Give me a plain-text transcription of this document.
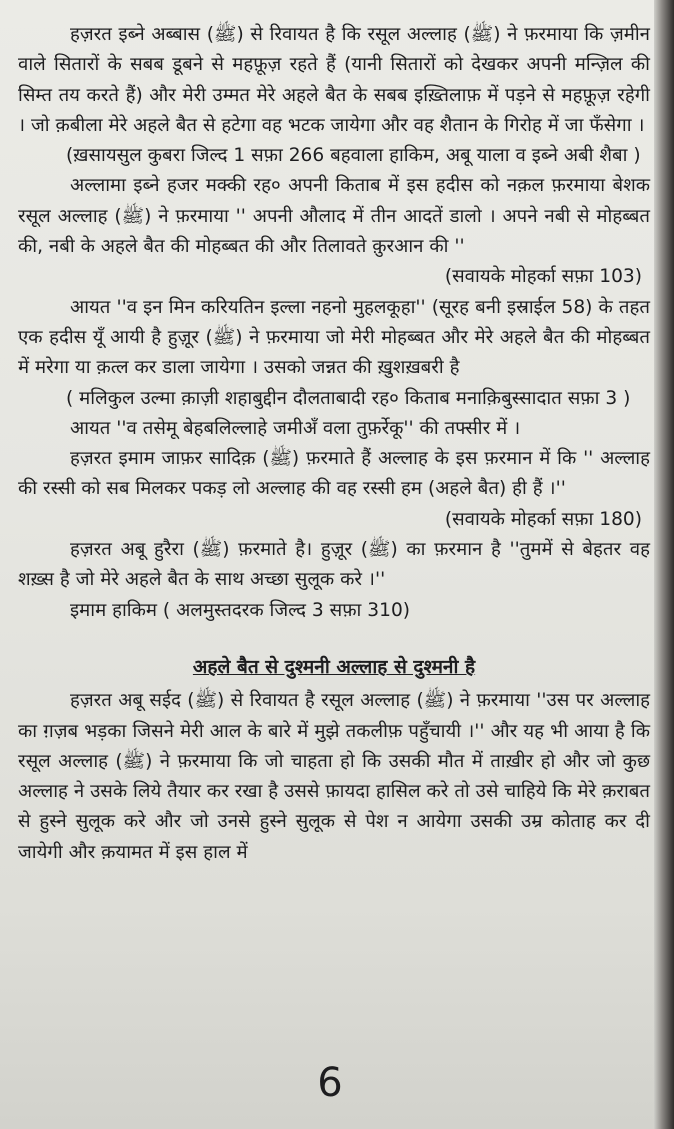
हज़रत इब्ने अब्बास (ﷺ) से रिवायत है कि रसूल अल्लाह (ﷺ) ने फ़रमाया कि ज़मीन वाले सितारों के सबब डूबने से महफ़ूज़ रहते हैं (यानी सितारों को देखकर अपनी मन्ज़िल की सिम्त तय करते हैं) और मेरी उम्मत मेरे अहले बैत के सबब इख़्तिलाफ़ में पड़ने से महफ़ूज़ रहेगी । जो क़बीला मेरे अहले बैत से हटेगा वह भटक जायेगा और वह शैतान के गिरोह में जा फँसेगा ।

(ख़सायसुल कुबरा जिल्द 1 सफ़ा 266 बहवाला हाकिम, अबू याला व इब्ने अबी शैबा )

अल्लामा इब्ने हजर मक्की रह० अपनी किताब में इस हदीस को नक़ल फ़रमाया बेशक रसूल अल्लाह (ﷺ) ने फ़रमाया '' अपनी औलाद में तीन आदतें डालो । अपने नबी से मोहब्बत की, नबी के अहले बैत की मोहब्बत की और तिलावते क़ुरआन की ''

(सवायके मोहर्का सफ़ा 103)

आयत ''व इन मिन करियतिन इल्ला नहनो मुहलकूहा'' (सूरह बनी इस्राईल 58) के तहत एक हदीस यूँ आयी है हुज़ूर (ﷺ) ने फ़रमाया जो मेरी मोहब्बत और मेरे अहले बैत की मोहब्बत में मरेगा या क़त्ल कर डाला जायेगा । उसको जन्नत की ख़ुशख़बरी है

( मलिकुल उल्मा क़ाज़ी शहाबुद्दीन दौलताबादी रह० किताब मनाक़िबुस्सादात सफ़ा 3 )

आयत ''व तसेमू बेहबलिल्लाहे जमीअँ वला तुफ़र्रेकू'' की तफ्सीर में ।

हज़रत इमाम जाफ़र सादिक़ (ﷺ) फ़रमाते हैं अल्लाह के इस फ़रमान में कि '' अल्लाह की रस्सी को सब मिलकर पकड़ लो अल्लाह की वह रस्सी हम (अहले बैत) ही हैं ।''

(सवायके मोहर्का सफ़ा 180)

हज़रत अबू हुरैरा (ﷺ) फ़रमाते है। हुज़ूर (ﷺ) का फ़रमान है ''तुममें से बेहतर वह शख़्स है जो मेरे अहले बैत के साथ अच्छा सुलूक करे ।''

इमाम हाकिम ( अलमुस्तदरक जिल्द 3 सफ़ा 310)

अहले बैत से दुश्मनी अल्लाह से दुश्मनी है

हज़रत अबू सईद (ﷺ) से रिवायत है रसूल अल्लाह (ﷺ) ने फ़रमाया ''उस पर अल्लाह का ग़ज़ब भड़का जिसने मेरी आल के बारे में मुझे तकलीफ़ पहुँचायी ।'' और यह भी आया है कि रसूल अल्लाह (ﷺ) ने फ़रमाया कि जो चाहता हो कि उसकी मौत में ताख़ीर हो और जो कुछ अल्लाह ने उसके लिये तैयार कर रखा है उससे फ़ायदा हासिल करे तो उसे चाहिये कि मेरे क़राबत से हुस्ने सुलूक करे और जो उनसे हुस्ने सुलूक से पेश न आयेगा उसकी उम्र कोताह कर दी जायेगी और क़यामत में इस हाल में

6
